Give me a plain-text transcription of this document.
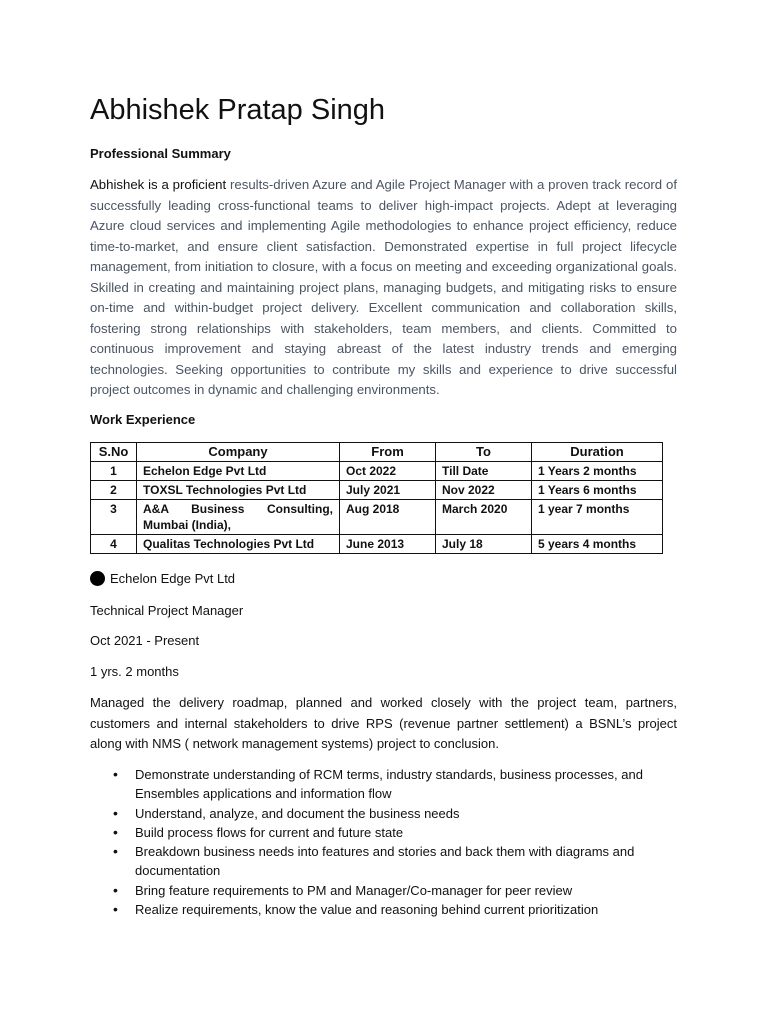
Abhishek Pratap Singh
Professional Summary

Abhishek is a proficient results-driven Azure and Agile Project Manager with a proven track record of successfully leading cross-functional teams to deliver high-impact projects. Adept at leveraging Azure cloud services and implementing Agile methodologies to enhance project efficiency, reduce time-to-market, and ensure client satisfaction. Demonstrated expertise in full project lifecycle management, from initiation to closure, with a focus on meeting and exceeding organizational goals. Skilled in creating and maintaining project plans, managing budgets, and mitigating risks to ensure on-time and within-budget project delivery. Excellent communication and collaboration skills, fostering strong relationships with stakeholders, team members, and clients. Committed to continuous improvement and staying abreast of the latest industry trends and emerging technologies. Seeking opportunities to contribute my skills and experience to drive successful project outcomes in dynamic and challenging environments.

Work Experience
S.No	Company	From	To	Duration
1	Echelon Edge Pvt Ltd	Oct 2022	Till Date	1 Years 2 months
2	TOXSL Technologies Pvt Ltd	July 2021	Nov 2022	1 Years 6 months
3	A&A Business Consulting, Mumbai (India),	Aug 2018	March 2020	1 year 7 months
4	Qualitas Technologies Pvt Ltd	June 2013	July 18	5 years 4 months
Echelon Edge Pvt Ltd

Technical Project Manager

Oct 2021 - Present

1 yrs. 2 months

Managed the delivery roadmap, planned and worked closely with the project team, partners, customers and internal stakeholders to drive RPS (revenue partner settlement) a BSNL’s project along with NMS ( network management systems) project to conclusion.

• Demonstrate understanding of RCM terms, industry standards, business processes, and Ensembles applications and information flow
• Understand, analyze, and document the business needs
• Build process flows for current and future state
• Breakdown business needs into features and stories and back them with diagrams and documentation
• Bring feature requirements to PM and Manager/Co-manager for peer review
• Realize requirements, know the value and reasoning behind current prioritization
